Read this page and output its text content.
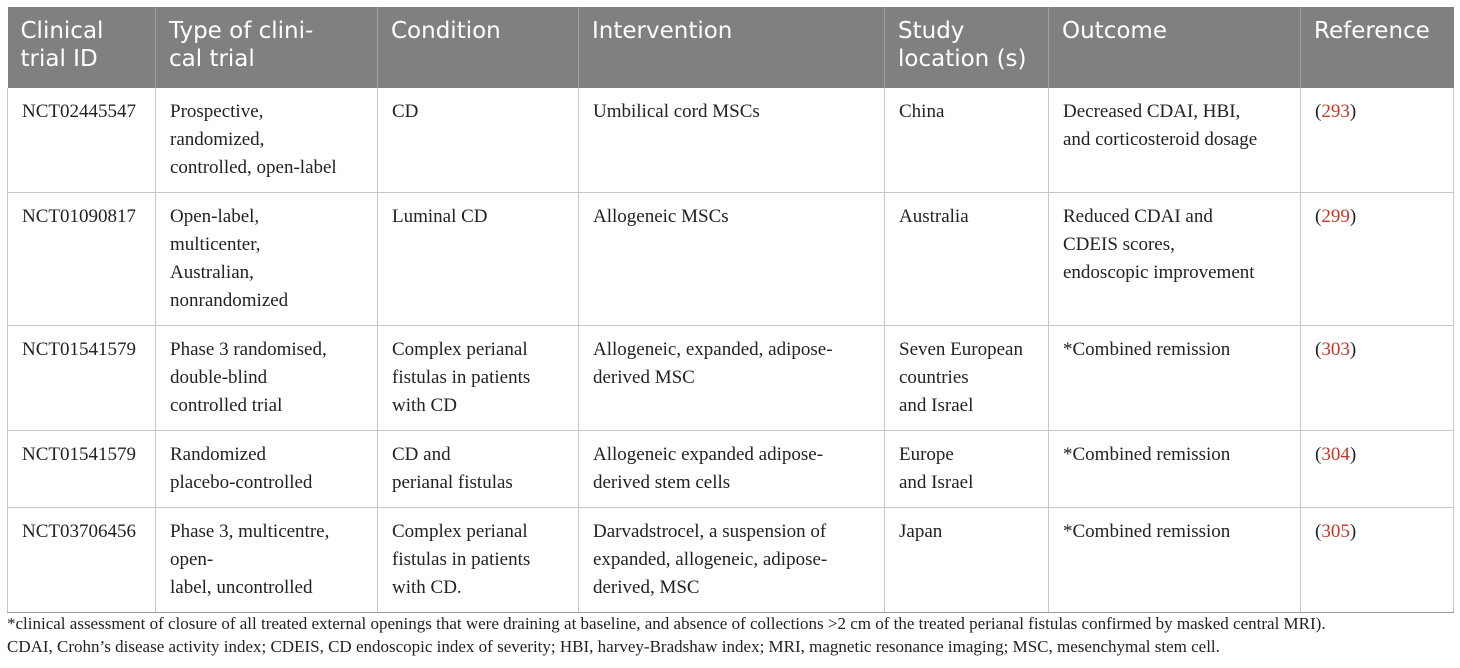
Clinical
trial ID	Type of clini-
cal trial	Condition	Intervention	Study
location (s)	Outcome	Reference

NCT02445547	Prospective,
randomized,
controlled, open-label	CD	Umbilical cord MSCs	China	Decreased CDAI, HBI,
and corticosteroid dosage	(293)

NCT01090817	Open-label,
multicenter,
Australian,
nonrandomized	Luminal CD	Allogeneic MSCs	Australia	Reduced CDAI and
CDEIS scores,
endoscopic improvement	(299)

NCT01541579	Phase 3 randomised,
double-blind
controlled trial	Complex perianal
fistulas in patients
with CD	Allogeneic, expanded, adipose-
derived MSC	Seven European
countries
and Israel	*Combined remission	(303)

NCT01541579	Randomized
placebo-controlled	CD and
perianal fistulas	Allogeneic expanded adipose-
derived stem cells	Europe
and Israel	*Combined remission	(304)

NCT03706456	Phase 3, multicentre,
open-
label, uncontrolled	Complex perianal
fistulas in patients
with CD.	Darvadstrocel, a suspension of
expanded, allogeneic, adipose-
derived, MSC	Japan	*Combined remission	(305)
*clinical assessment of closure of all treated external openings that were draining at baseline, and absence of collections >2 cm of the treated perianal fistulas confirmed by masked central MRI).
CDAI, Crohn’s disease activity index; CDEIS, CD endoscopic index of severity; HBI, harvey-Bradshaw index; MRI, magnetic resonance imaging; MSC, mesenchymal stem cell.
